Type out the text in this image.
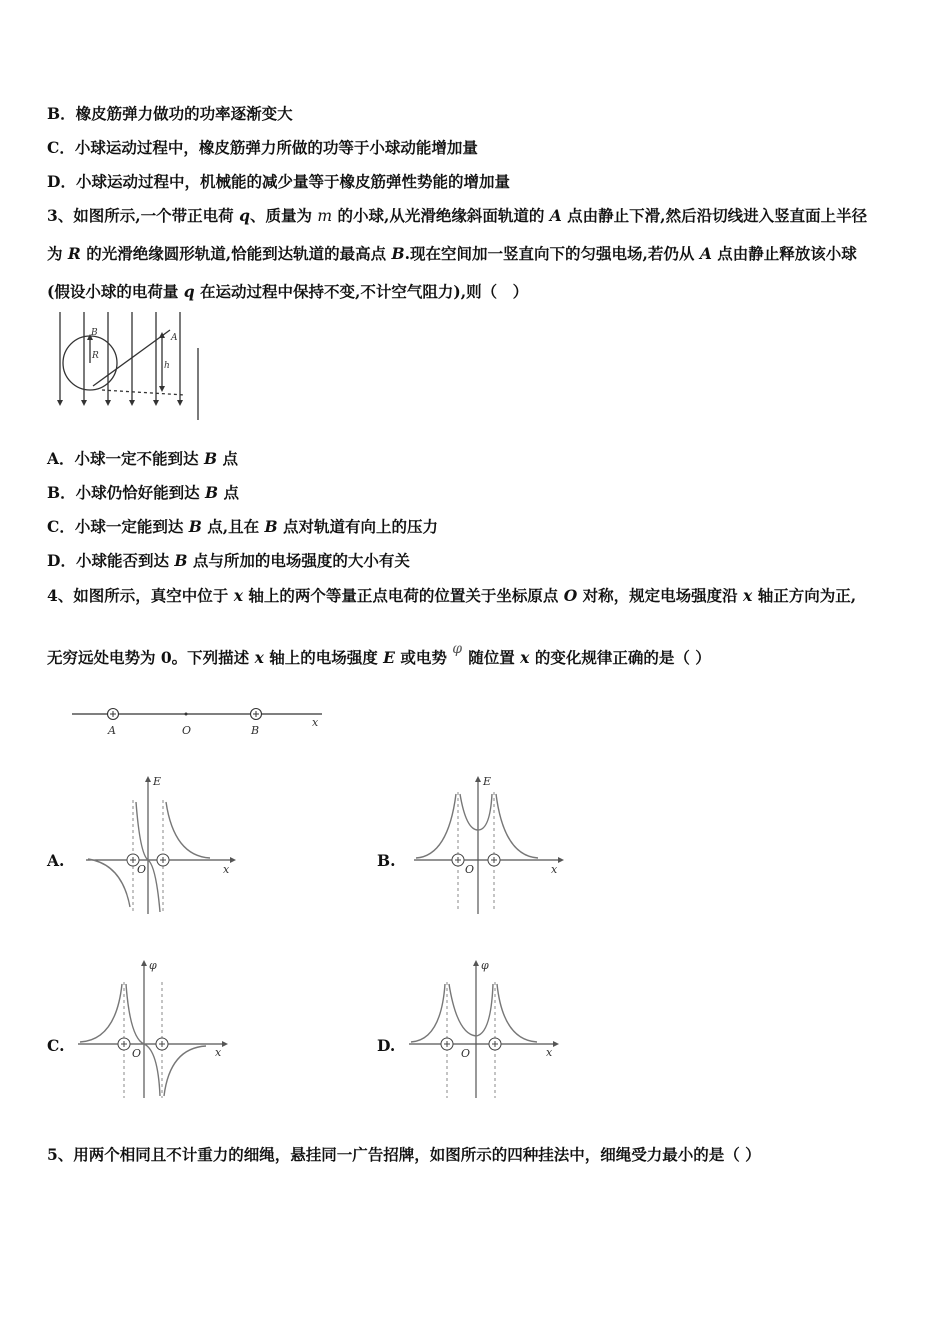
B．橡皮筋弹力做功的功率逐渐变大
C．小球运动过程中，橡皮筋弹力所做的功等于小球动能增加量
D．小球运动过程中，机械能的减少量等于橡皮筋弹性势能的增加量
3、如图所示,一个带正电荷 q、质量为 m 的小球,从光滑绝缘斜面轨道的 A 点由静止下滑,然后沿切线进入竖直面上半径
为 R 的光滑绝缘圆形轨道,恰能到达轨道的最高点 B.现在空间加一竖直向下的匀强电场,若仍从 A 点由静止释放该小球
(假设小球的电荷量 q 在运动过程中保持不变,不计空气阻力),则（　）
B
R
A
h
A．小球一定不能到达 B 点
B．小球仍恰好能到达 B 点
C．小球一定能到达 B 点,且在 B 点对轨道有向上的压力
D．小球能否到达 B 点与所加的电场强度的大小有关
4、如图所示，真空中位于 x 轴上的两个等量正点电荷的位置关于坐标原点 O 对称，规定电场强度沿 x 轴正方向为正,
无穷远处电势为 0。下列描述 x 轴上的电场强度 E 或电势 φ 随位置 x 的变化规律正确的是（ ）
A	O	B
x
A.
E
O	x	B.
E
O	x
C.
φ
O	x	D.
φ
O	x
5、用两个相同且不计重力的细绳，悬挂同一广告招牌，如图所示的四种挂法中，细绳受力最小的是（ ）
